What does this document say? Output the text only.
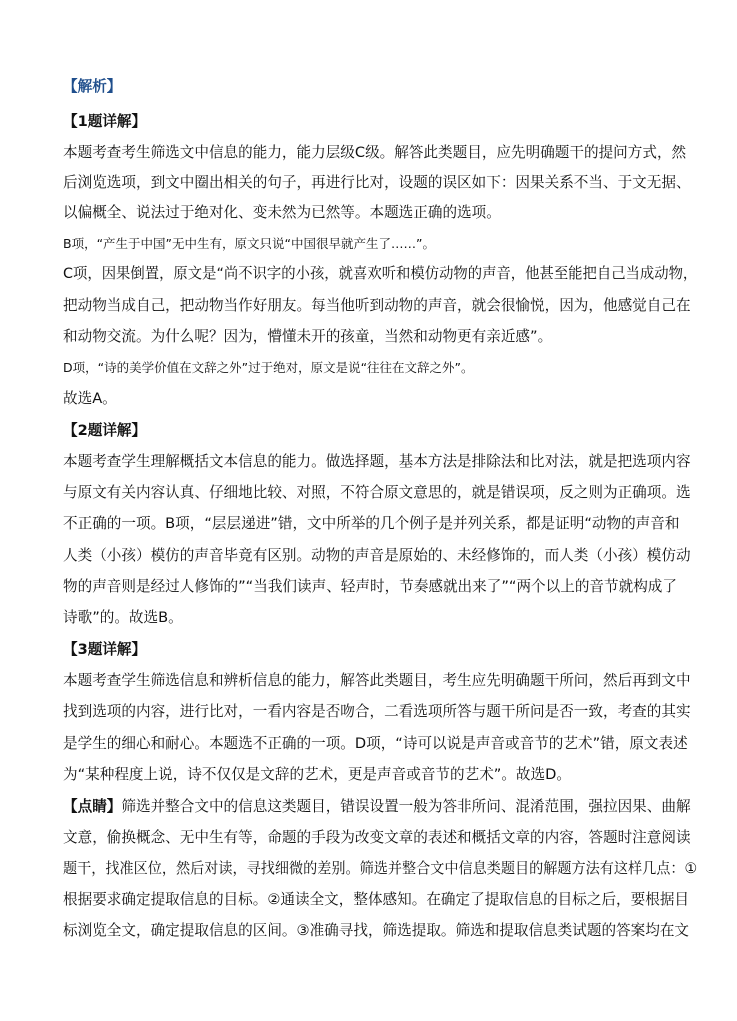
【解析】
【1题详解】
本题考查考生筛选文中信息的能力，能力层级C级。解答此类题目，应先明确题干的提问方式，然
后浏览选项，到文中圈出相关的句子，再进行比对，设题的误区如下：因果关系不当、于文无据、
以偏概全、说法过于绝对化、变未然为已然等。本题选正确的选项。
B项，“产生于中国”无中生有，原文只说“中国很早就产生了……”。
C项，因果倒置，原文是“尚不识字的小孩，就喜欢听和模仿动物的声音，他甚至能把自己当成动物，
把动物当成自己，把动物当作好朋友。每当他听到动物的声音，就会很愉悦，因为，他感觉自己在
和动物交流。为什么呢？因为，懵懂未开的孩童，当然和动物更有亲近感”。
D项，“诗的美学价值在文辞之外”过于绝对，原文是说“往往在文辞之外”。
故选A。
【2题详解】
本题考查学生理解概括文本信息的能力。做选择题，基本方法是排除法和比对法，就是把选项内容
与原文有关内容认真、仔细地比较、对照，不符合原文意思的，就是错误项，反之则为正确项。选
不正确的一项。B项，“层层递进”错，文中所举的几个例子是并列关系，都是证明“动物的声音和
人类（小孩）模仿的声音毕竟有区别。动物的声音是原始的、未经修饰的，而人类（小孩）模仿动
物的声音则是经过人修饰的”“当我们读声、轻声时，节奏感就出来了”“两个以上的音节就构成了
诗歌”的。故选B。
【3题详解】
本题考查学生筛选信息和辨析信息的能力，解答此类题目，考生应先明确题干所问，然后再到文中
找到选项的内容，进行比对，一看内容是否吻合，二看选项所答与题干所问是否一致，考查的其实
是学生的细心和耐心。本题选不正确的一项。D项，“诗可以说是声音或音节的艺术”错，原文表述
为“某种程度上说，诗不仅仅是文辞的艺术，更是声音或音节的艺术”。故选D。
【点睛】筛选并整合文中的信息这类题目，错误设置一般为答非所问、混淆范围，强拉因果、曲解
文意，偷换概念、无中生有等，命题的手段为改变文章的表述和概括文章的内容，答题时注意阅读
题干，找准区位，然后对读，寻找细微的差别。筛选并整合文中信息类题目的解题方法有这样几点：①
根据要求确定提取信息的目标。②通读全文，整体感知。在确定了提取信息的目标之后，要根据目
标浏览全文，确定提取信息的区间。③准确寻找，筛选提取。筛选和提取信息类试题的答案均在文
